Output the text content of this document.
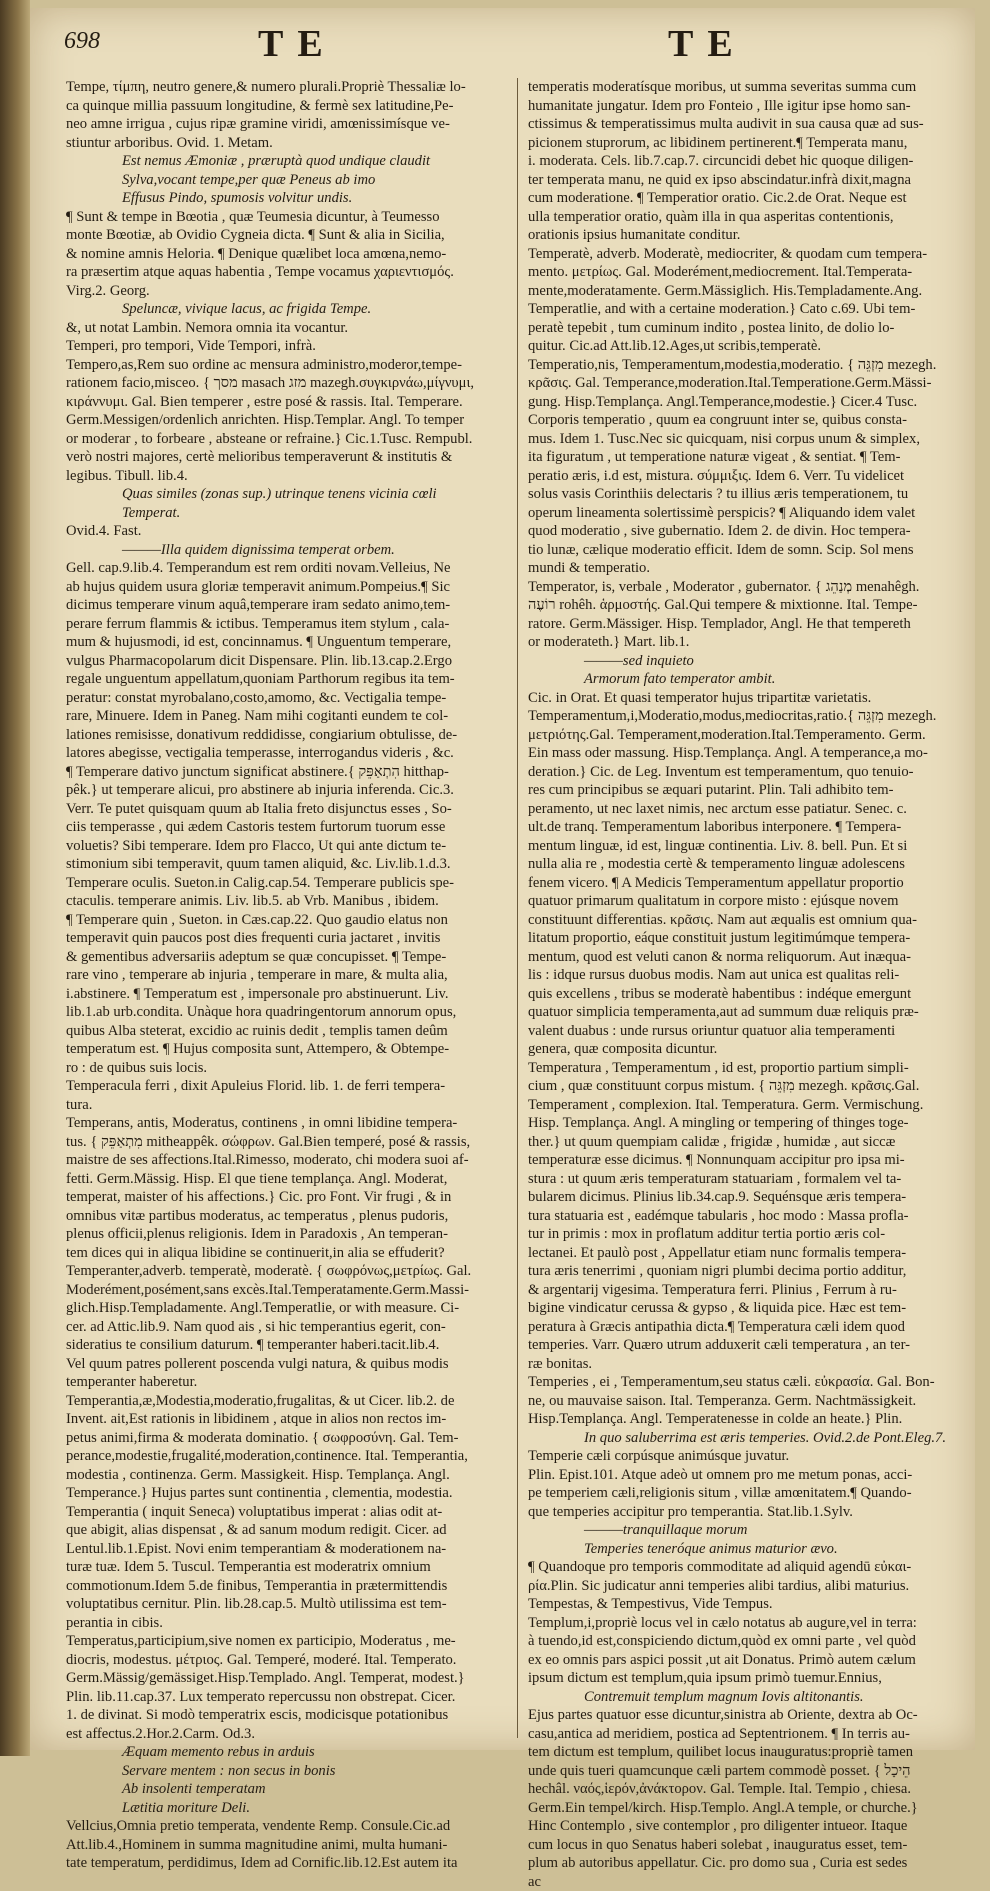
698	TE	TE
Tempe, τίμπη, neutro genere,& numero plurali.Propriè Thessaliæ lo-
ca quinque millia passuum longitudine, & fermè sex latitudine,Pe-
neo amne irrigua , cujus ripæ gramine viridi, amœnissimísque ve-
stiuntur arboribus. Ovid. 1. Metam.
Est nemus Æmoniæ , præruptà quod undique claudit
Sylva,vocant tempe,per quæ Peneus ab imo
Effusus Pindo, spumosis volvitur undis.
¶ Sunt & tempe in Bœotia , quæ Teumesia dicuntur, à Teumesso
monte Bœotiæ, ab Ovidio Cygneia dicta. ¶ Sunt & alia in Sicilia,
& nomine amnis Heloria. ¶ Denique quælibet loca amœna,nemo-
ra præsertim atque aquas habentia , Tempe vocamus χαριεντισμός.
Virg.2. Georg.
Speluncæ, vivique lacus, ac frigida Tempe.
&, ut notat Lambin. Nemora omnia ita vocantur.
Temperi, pro tempori, Vide Tempori, infrà.
Tempero,as,Rem suo ordine ac mensura administro,moderor,tempe-
rationem facio,misceo. { מסך masach מזג mazegh.συγκιρνάω,μίγνυμι,
κιράννυμι. Gal. Bien temperer , estre posé & rassis. Ital. Temperare.
Germ.Messigen/ordenlich anrichten. Hisp.Templar. Angl. To temper
or moderar , to forbeare , absteane or refraine.} Cic.1.Tusc. Rempubl.
verò nostri majores, certè melioribus temperaverunt & institutis &
legibus. Tibull. lib.4.
Quas similes (zonas sup.) utrinque tenens vicinia cœli
Temperat.
Ovid.4. Fast.
———Illa quidem dignissima temperat orbem.
Gell. cap.9.lib.4. Temperandum est rem orditi novam.Velleius, Ne
ab hujus quidem usura gloriæ temperavit animum.Pompeius.¶ Sic
dicimus temperare vinum aquâ,temperare iram sedato animo,tem-
perare ferrum flammis & ictibus. Temperamus item stylum , cala-
mum & hujusmodi, id est, concinnamus. ¶ Unguentum temperare,
vulgus Pharmacopolarum dicit Dispensare. Plin. lib.13.cap.2.Ergo
regale unguentum appellatum,quoniam Parthorum regibus ita tem-
peratur: constat myrobalano,costo,amomo, &c. Vectigalia tempe-
rare, Minuere. Idem in Paneg. Nam mihi cogitanti eundem te col-
lationes remisisse, donativum reddidisse, congiarium obtulisse, de-
latores abegisse, vectigalia temperasse, interrogandus videris , &c.
¶ Temperare dativo junctum significat abstinere.{ הִתְאַפֵּק hitthap-
pêk.} ut temperare alicui, pro abstinere ab injuria inferenda. Cic.3.
Verr. Te putet quisquam quum ab Italia freto disjunctus esses , So-
ciis temperasse , qui ædem Castoris testem furtorum tuorum esse
voluetis? Sibi temperare. Idem pro Flacco, Ut qui ante dictum te-
stimonium sibi temperavit, quum tamen aliquid, &c. Liv.lib.1.d.3.
Temperare oculis. Sueton.in Calig.cap.54. Temperare publicis spe-
ctaculis. temperare animis. Liv. lib.5. ab Vrb. Manibus , ibidem.
¶ Temperare quin , Sueton. in Cæs.cap.22. Quo gaudio elatus non
temperavit quin paucos post dies frequenti curia jactaret , invitis
& gementibus adversariis adeptum se quæ concupisset. ¶ Tempe-
rare vino , temperare ab injuria , temperare in mare, & multa alia,
i.abstinere. ¶ Temperatum est , impersonale pro abstinuerunt. Liv.
lib.1.ab urb.condita. Unàque hora quadringentorum annorum opus,
quibus Alba steterat, excidio ac ruinis dedit , templis tamen deûm
temperatum est. ¶ Hujus composita sunt, Attempero, & Obtempe-
ro : de quibus suis locis.
Temperacula ferri , dixit Apuleius Florid. lib. 1. de ferri tempera-
tura.
Temperans, antis, Moderatus, continens , in omni libidine tempera-
tus. { מִתְאַפֵּק mitheappêk. σώφρων. Gal.Bien temperé, posé & rassis,
maistre de ses affections.Ital.Rimesso, moderato, chi modera suoi af-
fetti. Germ.Mässig. Hisp. El que tiene templança. Angl. Moderat,
temperat, maister of his affections.} Cic. pro Font. Vir frugi , & in
omnibus vitæ partibus moderatus, ac temperatus , plenus pudoris,
plenus officii,plenus religionis. Idem in Paradoxis , An temperan-
tem dices qui in aliqua libidine se continuerit,in alia se effuderit?
Temperanter,adverb. temperatè, moderatè. { σωφρόνως,μετρίως. Gal.
Moderément,posément,sans excès.Ital.Temperatamente.Germ.Massi-
glich.Hisp.Templadamente. Angl.Temperatlie, or with measure. Ci-
cer. ad Attic.lib.9. Nam quod ais , si hic temperantius egerit, con-
sideratius te consilium daturum. ¶ temperanter haberi.tacit.lib.4.
Vel quum patres pollerent poscenda vulgi natura, & quibus modis
temperanter haberetur.
Temperantia,æ,Modestia,moderatio,frugalitas, & ut Cicer. lib.2. de
Invent. ait,Est rationis in libidinem , atque in alios non rectos im-
petus animi,firma & moderata dominatio. { σωφροσύνη. Gal. Tem-
perance,modestie,frugalité,moderation,continence. Ital. Temperantia,
modestia , continenza. Germ. Massigkeit. Hisp. Templança. Angl.
Temperance.} Hujus partes sunt continentia , clementia, modestia.
Temperantia ( inquit Seneca) voluptatibus imperat : alias odit at-
que abigit, alias dispensat , & ad sanum modum redigit. Cicer. ad
Lentul.lib.1.Epist. Novi enim temperantiam & moderationem na-
turæ tuæ. Idem 5. Tuscul. Temperantia est moderatrix omnium
commotionum.Idem 5.de finibus, Temperantia in prætermittendis
voluptatibus cernitur. Plin. lib.28.cap.5. Multò utilissima est tem-
perantia in cibis.
Temperatus,participium,sive nomen ex participio, Moderatus , me-
diocris, modestus. μέτριος. Gal. Temperé, moderé. Ital. Temperato.
Germ.Mässig/gemässiget.Hisp.Templado. Angl. Temperat, modest.}
Plin. lib.11.cap.37. Lux temperato repercussu non obstrepat. Cicer.
1. de divinat. Si modò temperatrix escis, modicisque potationibus
est affectus.2.Hor.2.Carm. Od.3.
Æquam memento rebus in arduis
Servare mentem : non secus in bonis
Ab insolenti temperatam
Lætitia moriture Deli.
Vellcius,Omnia pretio temperata, vendente Remp. Consule.Cic.ad
Att.lib.4.,Hominem in summa magnitudine animi, multa humani-
tate temperatum, perdidimus, Idem ad Cornific.lib.12.Est autem ita
temperatis moderatísque moribus, ut summa severitas summa cum
humanitate jungatur. Idem pro Fonteio , Ille igitur ipse homo san-
ctissimus & temperatissimus multa audivit in sua causa quæ ad sus-
picionem stuprorum, ac libidinem pertinerent.¶ Temperata manu,
i. moderata. Cels. lib.7.cap.7. circuncidi debet hic quoque diligen-
ter temperata manu, ne quid ex ipso abscindatur.infrà dixit,magna
cum moderatione. ¶ Temperatior oratio. Cic.2.de Orat. Neque est
ulla temperatior oratio, quàm illa in qua asperitas contentionis,
orationis ipsius humanitate conditur.
Temperatè, adverb. Moderatè, mediocriter, & quodam cum tempera-
mento. μετρίως. Gal. Moderément,mediocrement. Ital.Temperata-
mente,moderatamente. Germ.Mässiglich. His.Templadamente.Ang.
Temperatlie, and with a certaine moderation.} Cato c.69. Ubi tem-
peratè tepebit , tum cuminum indito , postea linito, de dolio lo-
quitur. Cic.ad Att.lib.12.Ages,ut scribis,temperatè.
Temperatio,nis, Temperamentum,modestia,moderatio. { מִזְגֵּה mezegh.
κρᾶσις. Gal. Temperance,moderation.Ital.Temperatione.Germ.Mässi-
gung. Hisp.Templança. Angl.Temperance,modestie.} Cicer.4 Tusc.
Corporis temperatio , quum ea congruunt inter se, quibus consta-
mus. Idem 1. Tusc.Nec sic quicquam, nisi corpus unum & simplex,
ita figuratum , ut temperatione naturæ vigeat , & sentiat. ¶ Tem-
peratio æris, i.d est, mistura. σύμμιξις. Idem 6. Verr. Tu videlicet
solus vasis Corinthiis delectaris ? tu illius æris temperationem, tu
operum lineamenta solertissimè perspicis? ¶ Aliquando idem valet
quod moderatio , sive gubernatio. Idem 2. de divin. Hoc tempera-
tio lunæ, cælique moderatio efficit. Idem de somn. Scip. Sol mens
mundi & temperatio.
Temperator, is, verbale , Moderator , gubernator. { מְנַהֵג menahêgh.
רוֹעֶה rohêh. ἁρμοστής. Gal.Qui tempere & mixtionne. Ital. Tempe-
ratore. Germ.Mässiger. Hisp. Templador, Angl. He that tempereth
or moderateth.} Mart. lib.1.
———sed inquieto
Armorum fato temperator ambit.
Cic. in Orat. Et quasi temperator hujus tripartitæ varietatis.
Temperamentum,i,Moderatio,modus,mediocritas,ratio.{ מִזְגֵּה mezegh.
μετριότης.Gal. Temperament,moderation.Ital.Temperamento. Germ.
Ein mass oder massung. Hisp.Templança. Angl. A temperance,a mo-
deration.} Cic. de Leg. Inventum est temperamentum, quo tenuio-
res cum principibus se æquari putarint. Plin. Tali adhibito tem-
peramento, ut nec laxet nimis, nec arctum esse patiatur. Senec. c.
ult.de tranq. Temperamentum laboribus interponere. ¶ Tempera-
mentum linguæ, id est, linguæ continentia. Liv. 8. bell. Pun. Et si
nulla alia re , modestia certè & temperamento linguæ adolescens
fenem vicero. ¶ A Medicis Temperamentum appellatur proportio
quatuor primarum qualitatum in corpore misto : ejúsque novem
constituunt differentias. κρᾶσις. Nam aut æqualis est omnium qua-
litatum proportio, eáque constituit justum legitimúmque tempera-
mentum, quod est veluti canon & norma reliquorum. Aut inæqua-
lis : idque rursus duobus modis. Nam aut unica est qualitas reli-
quis excellens , tribus se moderatè habentibus : indéque emergunt
quatuor simplicia temperamenta,aut ad summum duæ reliquis præ-
valent duabus : unde rursus oriuntur quatuor alia temperamenti
genera, quæ composita dicuntur.
Temperatura , Temperamentum , id est, proportio partium simpli-
cium , quæ constituunt corpus mistum. { מִזְגֵּה mezegh. κρᾶσις.Gal.
Temperament , complexion. Ital. Temperatura. Germ. Vermischung.
Hisp. Templança. Angl. A mingling or tempering of thinges toge-
ther.} ut quum quempiam calidæ , frigidæ , humidæ , aut siccæ
temperaturæ esse dicimus. ¶ Nonnunquam accipitur pro ipsa mi-
stura : ut quum æris temperaturam statuariam , formalem vel ta-
bularem dicimus. Plinius lib.34.cap.9. Sequénsque æris tempera-
tura statuaria est , eadémque tabularis , hoc modo : Massa profla-
tur in primis : mox in proflatum additur tertia portio æris col-
lectanei. Et paulò post , Appellatur etiam nunc formalis tempera-
tura æris tenerrimi , quoniam nigri plumbi decima portio additur,
& argentarij vigesima. Temperatura ferri. Plinius , Ferrum à ru-
bigine vindicatur cerussa & gypso , & liquida pice. Hæc est tem-
peratura à Græcis antipathia dicta.¶ Temperatura cæli idem quod
temperies. Varr. Quæro utrum adduxerit cæli temperatura , an ter-
ræ bonitas.
Temperies , ei , Temperamentum,seu status cæli. εὐκρασία. Gal. Bon-
ne, ou mauvaise saison. Ital. Temperanza. Germ. Nachtmässigkeit.
Hisp.Templança. Angl. Temperatenesse in colde an heate.} Plin.
In quo saluberrima est æris temperies. Ovid.2.de Pont.Eleg.7.
Temperie cæli corpúsque animúsque juvatur.
Plin. Epist.101. Atque adeò ut omnem pro me metum ponas, acci-
pe temperiem cæli,religionis situm , villæ amœnitatem.¶ Quando-
que temperies accipitur pro temperantia. Stat.lib.1.Sylv.
———tranquillaque morum
Temperies teneróque animus maturior ævo.
¶ Quandoque pro temporis commoditate ad aliquid agendū εὐκαι-
ρία.Plin. Sic judicatur anni temperies alibi tardius, alibi maturius.
Tempestas, & Tempestivus, Vide Tempus.
Templum,i,propriè locus vel in cælo notatus ab augure,vel in terra:
à tuendo,id est,conspiciendo dictum,quòd ex omni parte , vel quòd
ex eo omnis pars aspici possit ,ut ait Donatus. Primò autem cælum
ipsum dictum est templum,quia ipsum primò tuemur.Ennius,
Contremuit templum magnum Iovis altitonantis.
Ejus partes quatuor esse dicuntur,sinistra ab Oriente, dextra ab Oc-
casu,antica ad meridiem, postica ad Septentrionem. ¶ In terris au-
tem dictum est templum, quilibet locus inauguratus:propriè tamen
unde quis tueri quamcunque cæli partem commodè posset. { הֵיכָל
hechâl. ναός,ἱερόν,ἀνάκτορον. Gal. Temple. Ital. Tempio , chiesa.
Germ.Ein tempel/kirch. Hisp.Templo. Angl.A temple, or churche.}
Hinc Contemplo , sive contemplor , pro diligenter intueor. Itaque
cum locus in quo Senatus haberi solebat , inauguratus esset, tem-
plum ab autoribus appellatur. Cic. pro domo sua , Curia est sedes
ac
